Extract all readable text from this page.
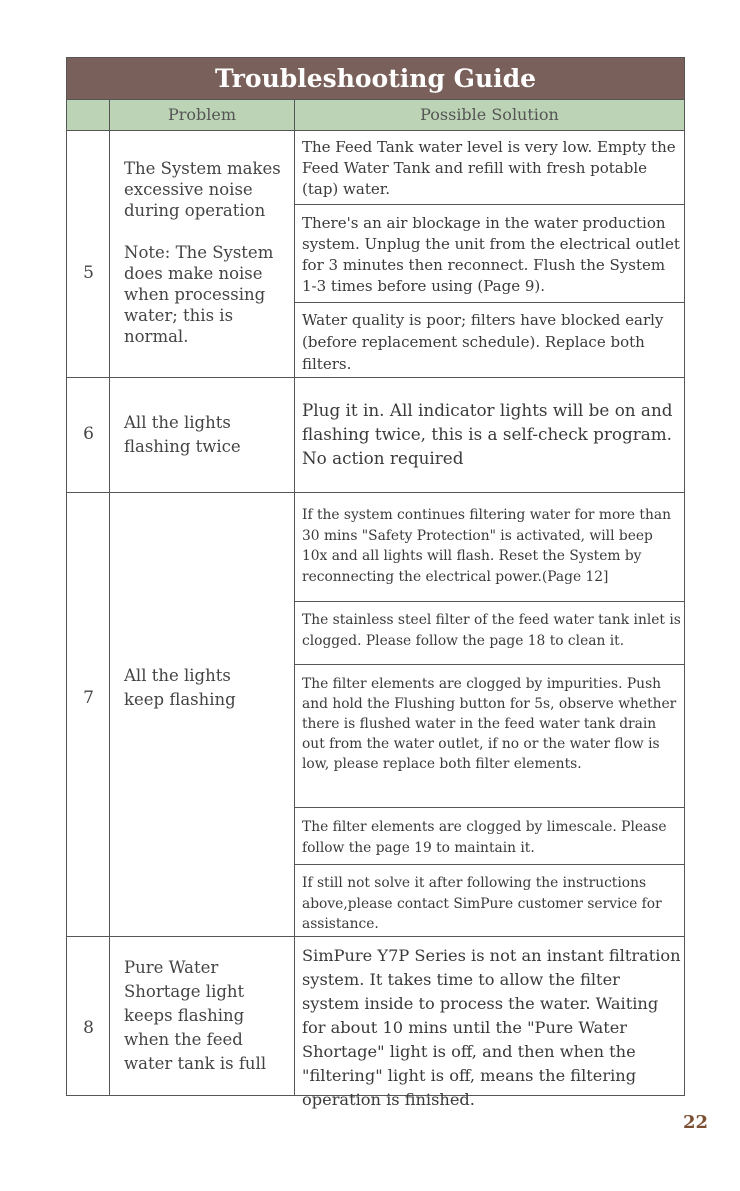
Troubleshooting Guide
Problem	Possible Solution
5
The System makes excessive noise during operation
Note: The System does make noise when processing water; this is normal.
The Feed Tank water level is very low. Empty the Feed Water Tank and refill with fresh potable (tap) water.
There's an air blockage in the water production system. Unplug the unit from the electrical outlet for 3 minutes then reconnect. Flush the System 1-3 times before using (Page 9).
Water quality is poor; filters have blocked early (before replacement schedule). Replace both filters.
6
All the lights flashing twice
Plug it in. All indicator lights will be on and flashing twice, this is a self-check program. No action required
7
All the lights keep flashing
If the system continues filtering water for more than 30 mins "Safety Protection" is activated, will beep 10x and all lights will flash. Reset the System by reconnecting the electrical power.(Page 12]
The stainless steel filter of the feed water tank inlet is clogged. Please follow the page 18 to clean it.
The filter elements are clogged by impurities. Push and hold the Flushing button for 5s, observe whether there is flushed water in the feed water tank drain out from the water outlet, if no or the water flow is low, please replace both filter elements.
The filter elements are clogged by limescale. Please follow the page 19 to maintain it.
If still not solve it after following the instructions above,please contact SimPure customer service for assistance.
8
Pure Water Shortage light keeps flashing when the feed water tank is full
SimPure Y7P Series is not an instant filtration system. It takes time to allow the filter system inside to process the water. Waiting for about 10 mins until the "Pure Water Shortage" light is off, and then when the "filtering" light is off, means the filtering operation is finished.
22
